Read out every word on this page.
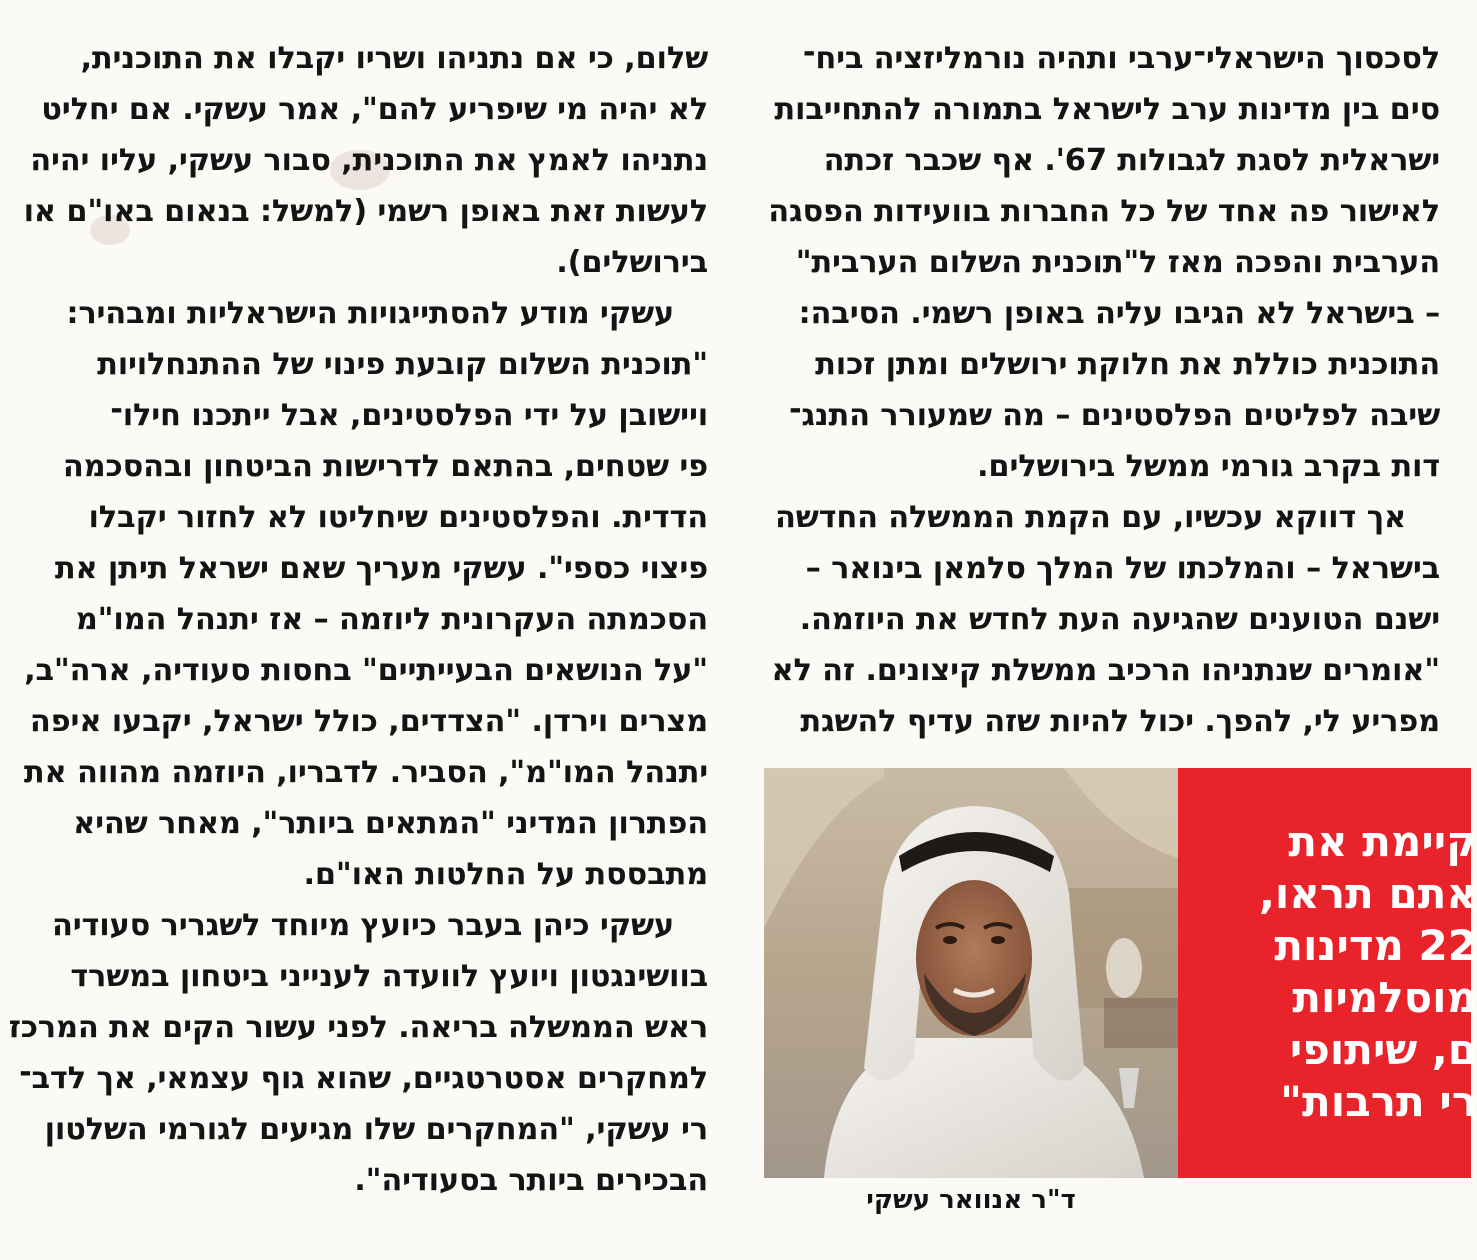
לסכסוך הישראלי־ערבי ותהיה נורמליזציה ביח־
סים בין מדינות ערב לישראל בתמורה להתחייבות
ישראלית לסגת לגבולות 67'. אף שכבר זכתה
לאישור פה אחד של כל החברות בוועידות הפסגה
הערבית והפכה מאז ל"תוכנית השלום הערבית"
– בישראל לא הגיבו עליה באופן רשמי. הסיבה:
התוכנית כוללת את חלוקת ירושלים ומתן זכות
שיבה לפליטים הפלסטינים – מה שמעורר התנג־
דות בקרב גורמי ממשל בירושלים.
אך דווקא עכשיו, עם הקמת הממשלה החדשה
בישראל – והמלכתו של המלך סלמאן בינואר –
ישנם הטוענים שהגיעה העת לחדש את היוזמה.
"אומרים שנתניהו הרכיב ממשלת קיצונים. זה לא
מפריע לי, להפך. יכול להיות שזה עדיף להשגת
שלום, כי אם נתניהו ושריו יקבלו את התוכנית,
לא יהיה מי שיפריע להם", אמר עשקי. אם יחליט
נתניהו לאמץ את התוכנית, סבור עשקי, עליו יהיה
לעשות זאת באופן רשמי (למשל: בנאום באו"ם או
בירושלים).
עשקי מודע להסתייגויות הישראליות ומבהיר:
"תוכנית השלום קובעת פינוי של ההתנחלויות
ויישובן על ידי הפלסטינים, אבל ייתכנו חילו־
פי שטחים, בהתאם לדרישות הביטחון ובהסכמה
הדדית. והפלסטינים שיחליטו לא לחזור יקבלו
פיצוי כספי". עשקי מעריך שאם ישראל תיתן את
הסכמתה העקרונית ליוזמה – אז יתנהל המו"מ
"על הנושאים הבעייתיים" בחסות סעודיה, ארה"ב,
מצרים וירדן. "הצדדים, כולל ישראל, יקבעו איפה
יתנהל המו"מ", הסביר. לדבריו, היוזמה מהווה את
הפתרון המדיני "המתאים ביותר", מאחר שהיא
מתבססת על החלטות האו"ם.
עשקי כיהן בעבר כיועץ מיוחד לשגריר סעודיה
בוושינגטון ויועץ לוועדה לענייני ביטחון במשרד
ראש הממשלה בריאה. לפני עשור הקים את המרכז
למחקרים אסטרטגיים, שהוא גוף עצמאי, אך לדב־
רי עשקי, "המחקרים שלו מגיעים לגורמי השלטון
הבכירים ביותר בסעודיה".
קיימת את
אתם תראו,
22 מדינות
מוסלמיות
ם, שיתופי
רי תרבות"
ד"ר אנוואר עשקי
